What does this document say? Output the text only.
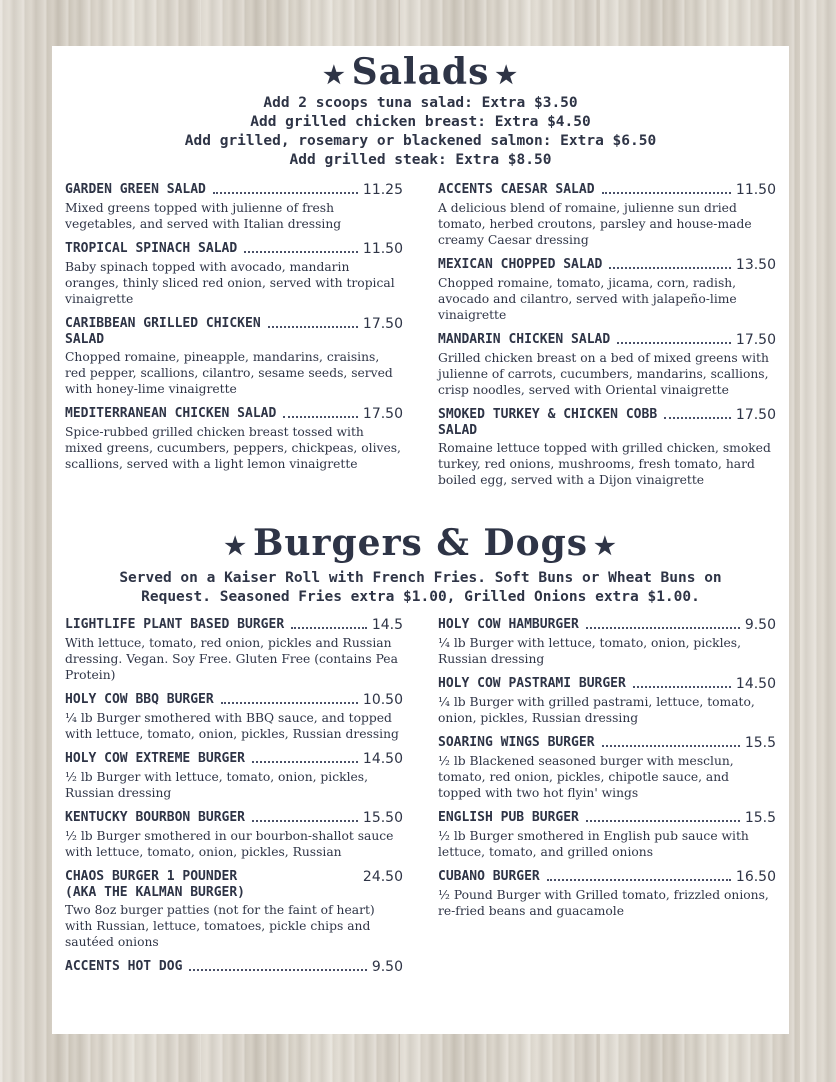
★ Salads ★
Add 2 scoops tuna salad: Extra $3.50
Add grilled chicken breast: Extra $4.50
Add grilled, rosemary or blackened salmon: Extra $6.50
Add grilled steak: Extra $8.50
GARDEN GREEN SALAD	11.25
Mixed greens topped with julienne of fresh vegetables, and served with Italian dressing
TROPICAL SPINACH SALAD	11.50
Baby spinach topped with avocado, mandarin oranges, thinly sliced red onion, served with tropical vinaigrette
CARIBBEAN GRILLED CHICKEN	17.50
SALAD
Chopped romaine, pineapple, mandarins, craisins, red pepper, scallions, cilantro, sesame seeds, served with honey-lime vinaigrette
MEDITERRANEAN CHICKEN SALAD	17.50
Spice-rubbed grilled chicken breast tossed with mixed greens, cucumbers, peppers, chickpeas, olives, scallions, served with a light lemon vinaigrette
ACCENTS CAESAR SALAD	11.50
A delicious blend of romaine, julienne sun dried tomato, herbed croutons, parsley and house-made creamy Caesar dressing
MEXICAN CHOPPED SALAD	13.50
Chopped romaine, tomato, jicama, corn, radish, avocado and cilantro, served with jalapeño-lime vinaigrette
MANDARIN CHICKEN SALAD	17.50
Grilled chicken breast on a bed of mixed greens with julienne of carrots, cucumbers, mandarins, scallions, crisp noodles, served with Oriental vinaigrette
SMOKED TURKEY & CHICKEN COBB	17.50
SALAD
Romaine lettuce topped with grilled chicken, smoked turkey, red onions, mushrooms, fresh tomato, hard boiled egg, served with a Dijon vinaigrette
★ Burgers & Dogs ★
Served on a Kaiser Roll with French Fries. Soft Buns or Wheat Buns on
Request. Seasoned Fries extra $1.00, Grilled Onions extra $1.00.
LIGHTLIFE PLANT BASED BURGER	14.5
With lettuce, tomato, red onion, pickles and Russian dressing. Vegan. Soy Free. Gluten Free (contains Pea Protein)
HOLY COW BBQ BURGER	10.50
¼ lb Burger smothered with BBQ sauce, and topped with lettuce, tomato, onion, pickles, Russian dressing
HOLY COW EXTREME BURGER	14.50
½ lb Burger with lettuce, tomato, onion, pickles, Russian dressing
KENTUCKY BOURBON BURGER	15.50
½ lb Burger smothered in our bourbon-shallot sauce with lettuce, tomato, onion, pickles, Russian
CHAOS BURGER 1 POUNDER	24.50
(AKA THE KALMAN BURGER)
Two 8oz burger patties (not for the faint of heart) with Russian, lettuce, tomatoes, pickle chips and sautéed onions
ACCENTS HOT DOG	9.50
HOLY COW HAMBURGER	9.50
¼ lb Burger with lettuce, tomato, onion, pickles, Russian dressing
HOLY COW PASTRAMI BURGER	14.50
¼ lb Burger with grilled pastrami, lettuce, tomato, onion, pickles, Russian dressing
SOARING WINGS BURGER	15.5
½ lb Blackened seasoned burger with mesclun, tomato, red onion, pickles, chipotle sauce, and topped with two hot flyin' wings
ENGLISH PUB BURGER	15.5
½ lb Burger smothered in English pub sauce with lettuce, tomato, and grilled onions
CUBANO BURGER	16.50
½ Pound Burger with Grilled tomato, frizzled onions, re-fried beans and guacamole
